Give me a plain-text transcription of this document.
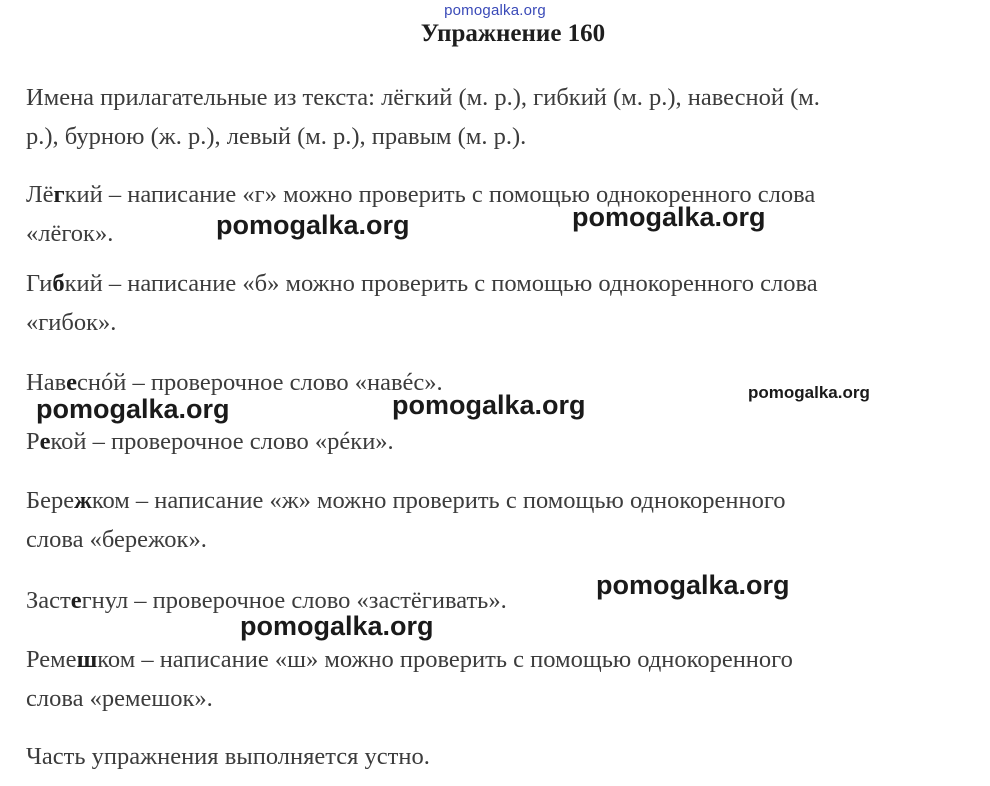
pomogalka.org
Упражнение 160
Имена прилагательные из текста: лёгкий (м. р.), гибкий (м. р.), навесной (м.
р.), бурною (ж. р.), левый (м. р.), правым (м. р.).
Лёгкий – написание «г» можно проверить с помощью однокоренного слова
«лёгок».
Гибкий – написание «б» можно проверить с помощью однокоренного слова
«гибок».
Навеснóй – проверочное слово «навéс».
Рекой – проверочное слово «рéки».
Бережком – написание «ж» можно проверить с помощью однокоренного
слова «бережок».
Застегнул – проверочное слово «застёгивать».
Ремешком – написание «ш» можно проверить с помощью однокоренного
слова «ремешок».
Часть упражнения выполняется устно.
pomogalka.org	pomogalka.org
pomogalka.org	pomogalka.org	pomogalka.org
pomogalka.org
pomogalka.org
